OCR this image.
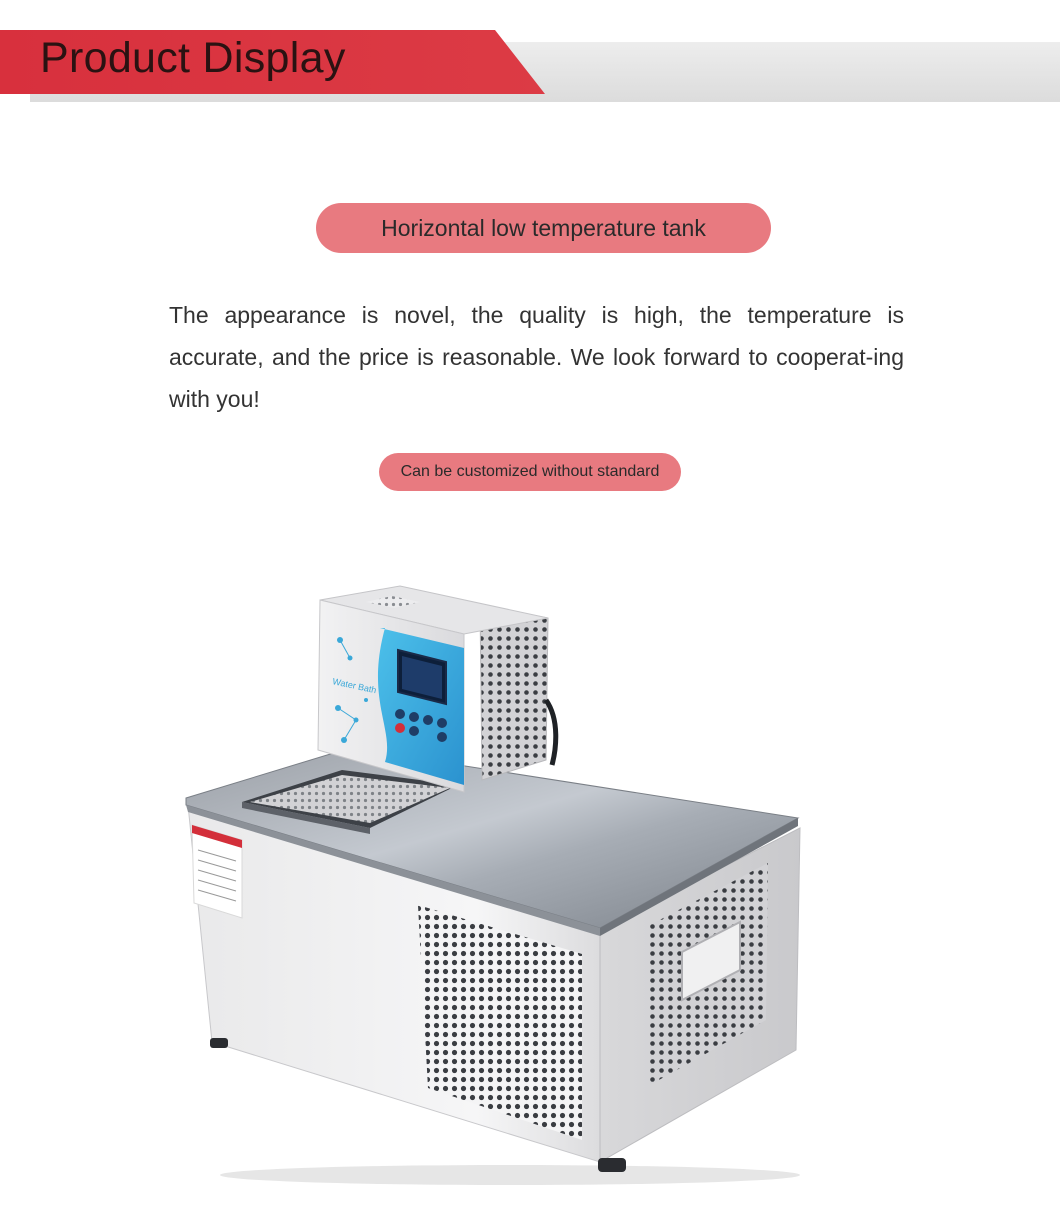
Product Display
Horizontal low temperature tank
The appearance is novel, the quality is high, the temperature is accurate, and the price is reasonable. We look forward to cooperat-ing with you!
Can be customized without standard
Water Bath
